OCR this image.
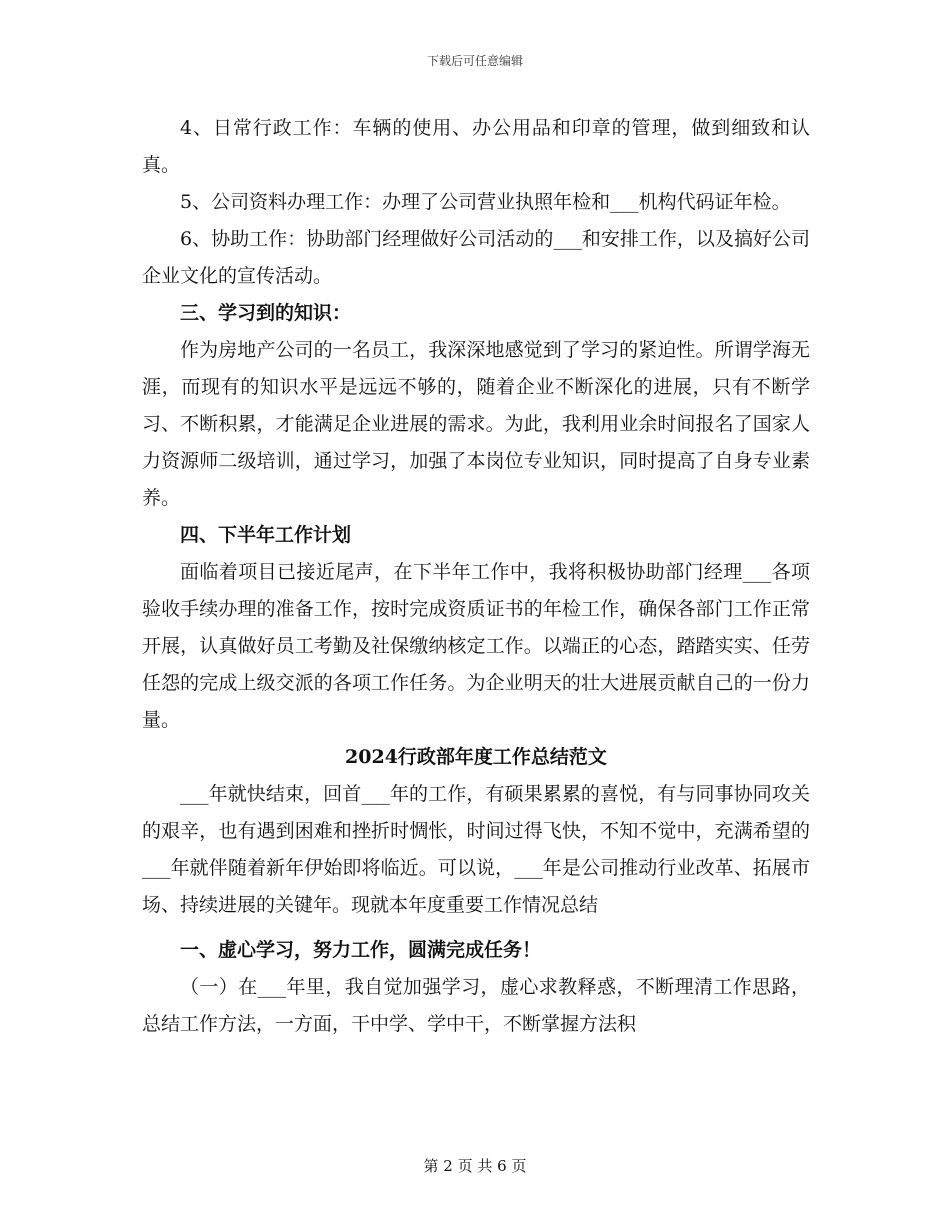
下载后可任意编辑

4、日常行政工作：车辆的使用、办公用品和印章的管理，做到细致和认真。

5、公司资料办理工作：办理了公司营业执照年检和___机构代码证年检。

6、协助工作：协助部门经理做好公司活动的___和安排工作，以及搞好公司企业文化的宣传活动。

三、学习到的知识：

作为房地产公司的一名员工，我深深地感觉到了学习的紧迫性。所谓学海无涯，而现有的知识水平是远远不够的，随着企业不断深化的进展，只有不断学习、不断积累，才能满足企业进展的需求。为此，我利用业余时间报名了国家人力资源师二级培训，通过学习，加强了本岗位专业知识，同时提高了自身专业素养。

四、下半年工作计划

面临着项目已接近尾声，在下半年工作中，我将积极协助部门经理___各项验收手续办理的准备工作，按时完成资质证书的年检工作，确保各部门工作正常开展，认真做好员工考勤及社保缴纳核定工作。以端正的心态，踏踏实实、任劳任怨的完成上级交派的各项工作任务。为企业明天的壮大进展贡献自己的一份力量。

2024行政部年度工作总结范文

___年就快结束，回首___年的工作，有硕果累累的喜悦，有与同事协同攻关的艰辛，也有遇到困难和挫折时惆怅，时间过得飞快，不知不觉中，充满希望的___年就伴随着新年伊始即将临近。可以说，___年是公司推动行业改革、拓展市场、持续进展的关键年。现就本年度重要工作情况总结

一、虚心学习，努力工作，圆满完成任务！

（一）在___年里，我自觉加强学习，虚心求教释惑，不断理清工作思路，总结工作方法，一方面，干中学、学中干，不断掌握方法积

第 2 页 共 6 页
